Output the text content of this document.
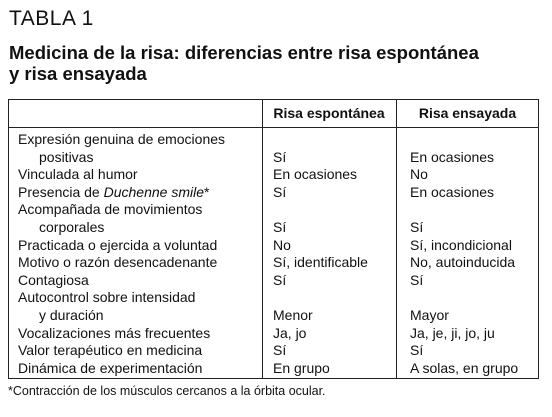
TABLA 1
Medicina de la risa: diferencias entre risa espontánea
y risa ensayada
Risa espontánea	Risa ensayada
Expresión genuina de emociones
positivas	Sí	En ocasiones
Vinculada al humor	En ocasiones	No
Presencia de Duchenne smile*	Sí	En ocasiones
Acompañada de movimientos
corporales	Sí	Sí
Practicada o ejercida a voluntad	No	Sí, incondicional
Motivo o razón desencadenante	Sí, identificable	No, autoinducida
Contagiosa	Sí	Sí
Autocontrol sobre intensidad
y duración	Menor	Mayor
Vocalizaciones más frecuentes	Ja, jo	Ja, je, ji, jo, ju
Valor terapéutico en medicina	Sí	Sí
Dinámica de experimentación	En grupo	A solas, en grupo
*Contracción de los músculos cercanos a la órbita ocular.
